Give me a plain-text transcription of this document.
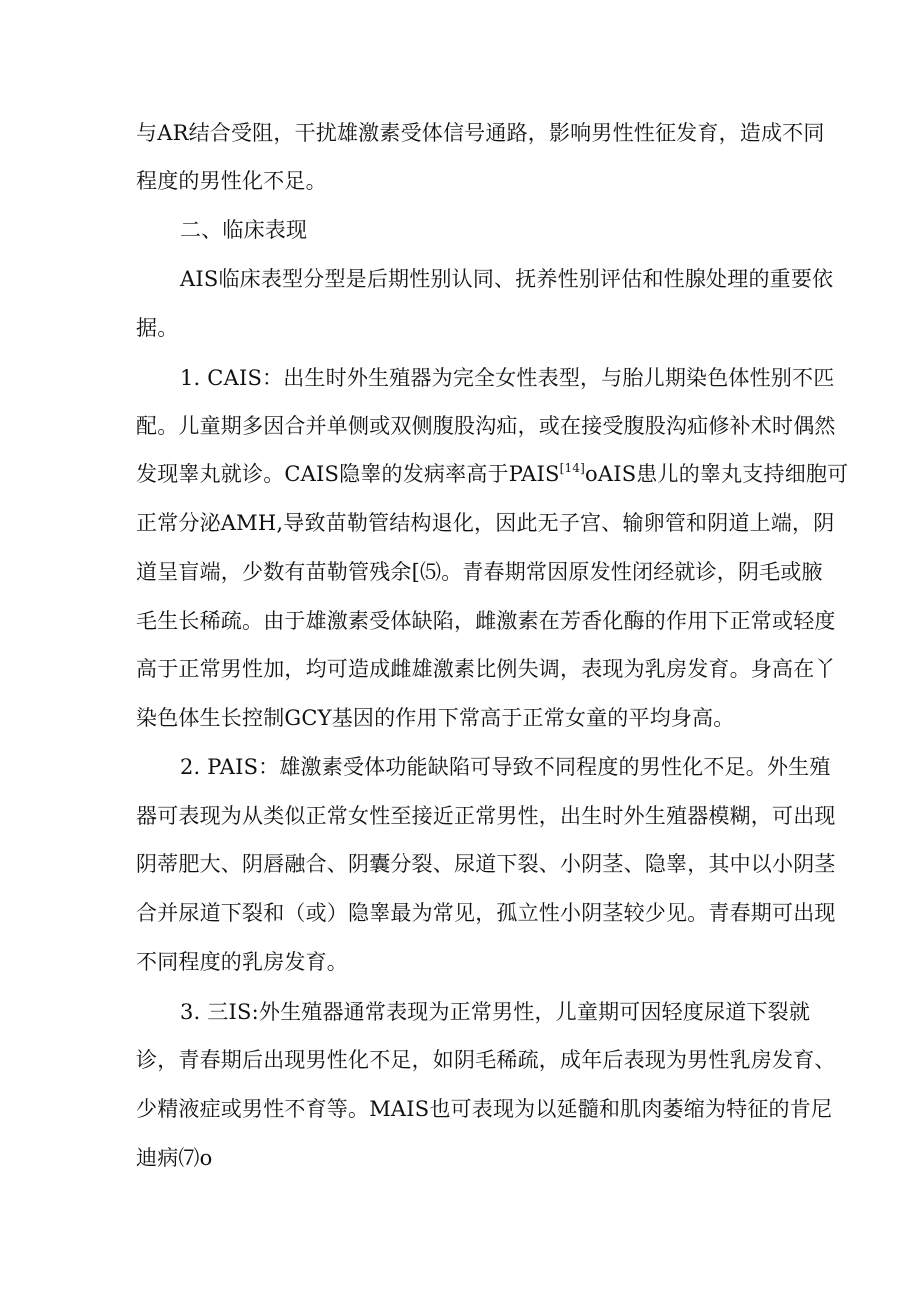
与AR结合受阻，干扰雄激素受体信号通路，影响男性性征发育，造成不同
程度的男性化不足。
二、临床表现
AIS临床表型分型是后期性别认同、抚养性别评估和性腺处理的重要依
据。
1. CAIS：出生时外生殖器为完全女性表型，与胎儿期染色体性别不匹
配。儿童期多因合并单侧或双侧腹股沟疝，或在接受腹股沟疝修补术时偶然
发现睾丸就诊。CAIS隐睾的发病率高于PAIS[14]oAIS患儿的睾丸支持细胞可
正常分泌AMH,导致苗勒管结构退化，因此无子宫、输卵管和阴道上端，阴
道呈盲端，少数有苗勒管残余[⑸。青春期常因原发性闭经就诊，阴毛或腋
毛生长稀疏。由于雄激素受体缺陷，雌激素在芳香化酶的作用下正常或轻度
高于正常男性加，均可造成雌雄激素比例失调，表现为乳房发育。身高在丫
染色体生长控制GCY基因的作用下常高于正常女童的平均身高。
2. PAIS：雄激素受体功能缺陷可导致不同程度的男性化不足。外生殖
器可表现为从类似正常女性至接近正常男性，出生时外生殖器模糊，可出现
阴蒂肥大、阴唇融合、阴囊分裂、尿道下裂、小阴茎、隐睾，其中以小阴茎
合并尿道下裂和（或）隐睾最为常见，孤立性小阴茎较少见。青春期可出现
不同程度的乳房发育。
3. 三IS:外生殖器通常表现为正常男性，儿童期可因轻度尿道下裂就
诊，青春期后出现男性化不足，如阴毛稀疏，成年后表现为男性乳房发育、
少精液症或男性不育等。MAIS也可表现为以延髓和肌肉萎缩为特征的肯尼
迪病⑺o
